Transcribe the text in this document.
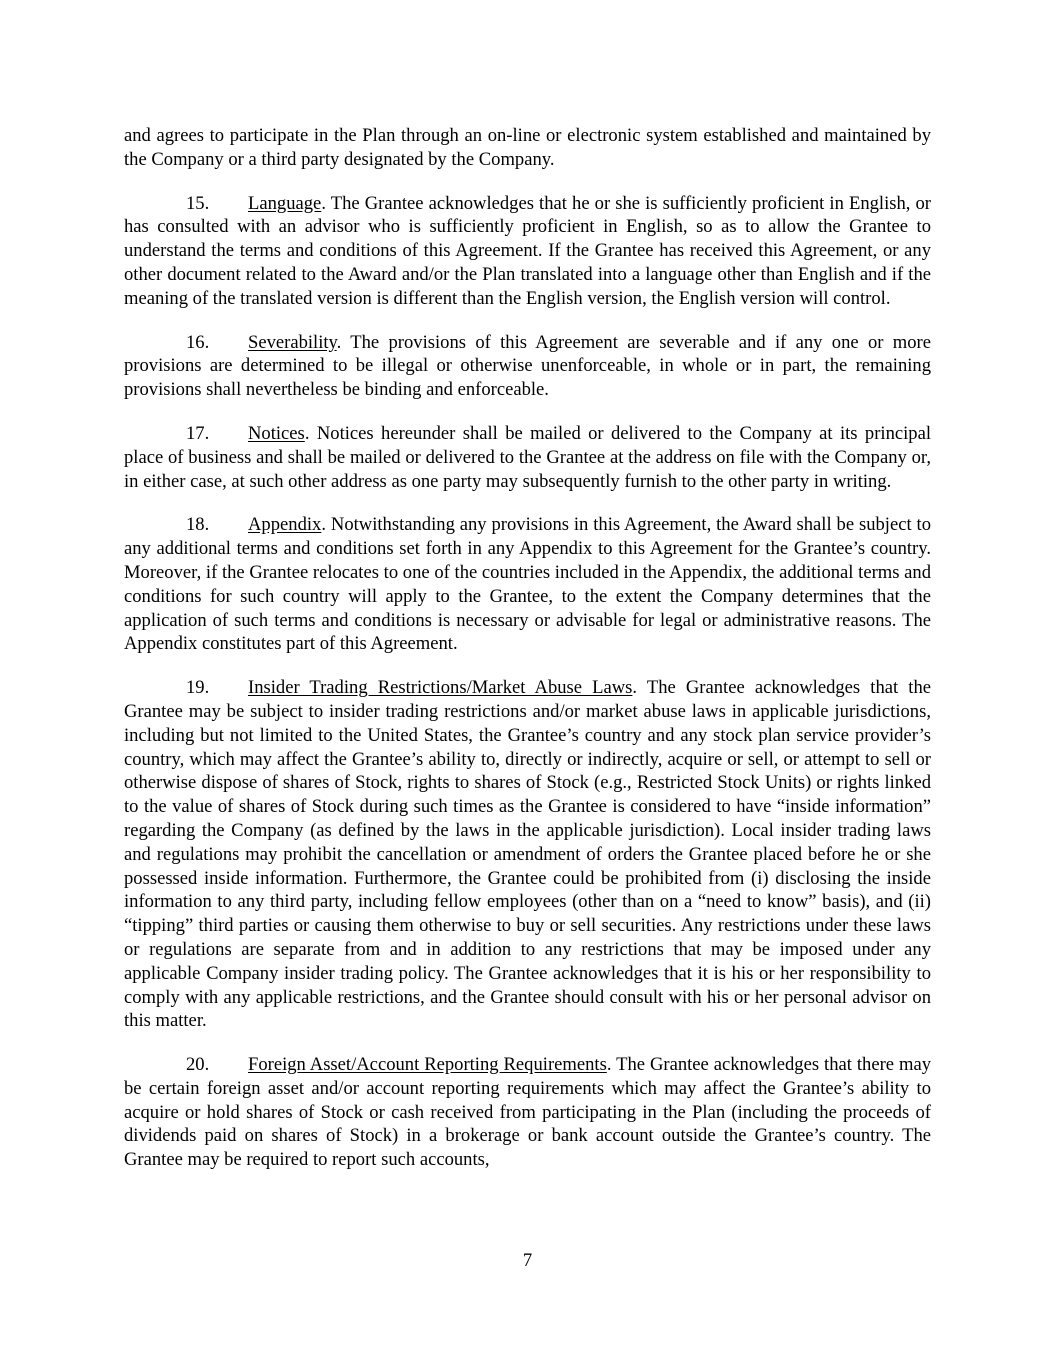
and agrees to participate in the Plan through an on-line or electronic system established and maintained by the Company or a third party designated by the Company.

15. Language. The Grantee acknowledges that he or she is sufficiently proficient in English, or has consulted with an advisor who is sufficiently proficient in English, so as to allow the Grantee to understand the terms and conditions of this Agreement. If the Grantee has received this Agreement, or any other document related to the Award and/or the Plan translated into a language other than English and if the meaning of the translated version is different than the English version, the English version will control.

16. Severability. The provisions of this Agreement are severable and if any one or more provisions are determined to be illegal or otherwise unenforceable, in whole or in part, the remaining provisions shall nevertheless be binding and enforceable.

17. Notices. Notices hereunder shall be mailed or delivered to the Company at its principal place of business and shall be mailed or delivered to the Grantee at the address on file with the Company or, in either case, at such other address as one party may subsequently furnish to the other party in writing.

18. Appendix. Notwithstanding any provisions in this Agreement, the Award shall be subject to any additional terms and conditions set forth in any Appendix to this Agreement for the Grantee’s country. Moreover, if the Grantee relocates to one of the countries included in the Appendix, the additional terms and conditions for such country will apply to the Grantee, to the extent the Company determines that the application of such terms and conditions is necessary or advisable for legal or administrative reasons. The Appendix constitutes part of this Agreement.

19. Insider Trading Restrictions/Market Abuse Laws. The Grantee acknowledges that the Grantee may be subject to insider trading restrictions and/or market abuse laws in applicable jurisdictions, including but not limited to the United States, the Grantee’s country and any stock plan service provider’s country, which may affect the Grantee’s ability to, directly or indirectly, acquire or sell, or attempt to sell or otherwise dispose of shares of Stock, rights to shares of Stock (e.g., Restricted Stock Units) or rights linked to the value of shares of Stock during such times as the Grantee is considered to have “inside information” regarding the Company (as defined by the laws in the applicable jurisdiction). Local insider trading laws and regulations may prohibit the cancellation or amendment of orders the Grantee placed before he or she possessed inside information. Furthermore, the Grantee could be prohibited from (i) disclosing the inside information to any third party, including fellow employees (other than on a “need to know” basis), and (ii) “tipping” third parties or causing them otherwise to buy or sell securities. Any restrictions under these laws or regulations are separate from and in addition to any restrictions that may be imposed under any applicable Company insider trading policy. The Grantee acknowledges that it is his or her responsibility to comply with any applicable restrictions, and the Grantee should consult with his or her personal advisor on this matter.

20. Foreign Asset/Account Reporting Requirements. The Grantee acknowledges that there may be certain foreign asset and/or account reporting requirements which may affect the Grantee’s ability to acquire or hold shares of Stock or cash received from participating in the Plan (including the proceeds of dividends paid on shares of Stock) in a brokerage or bank account outside the Grantee’s country. The Grantee may be required to report such accounts,

7
